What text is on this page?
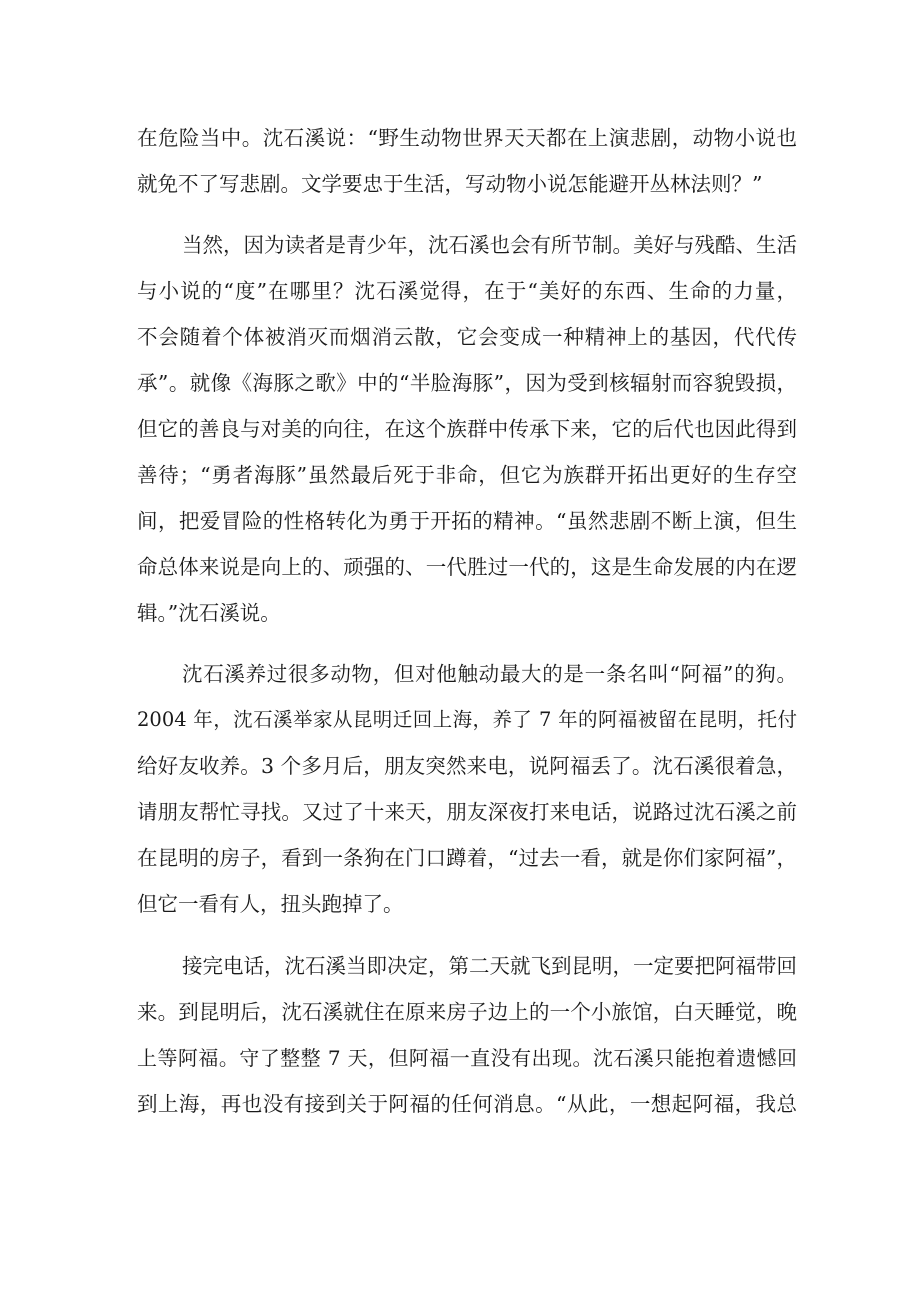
在危险当中。沈石溪说：“野生动物世界天天都在上演悲剧，动物小说也
就免不了写悲剧。文学要忠于生活，写动物小说怎能避开丛林法则？”
当然，因为读者是青少年，沈石溪也会有所节制。美好与残酷、生活
与小说的“度”在哪里？沈石溪觉得，在于“美好的东西、生命的力量，
不会随着个体被消灭而烟消云散，它会变成一种精神上的基因，代代传
承”。就像《海豚之歌》中的“半脸海豚”，因为受到核辐射而容貌毁损，
但它的善良与对美的向往，在这个族群中传承下来，它的后代也因此得到
善待；“勇者海豚”虽然最后死于非命，但它为族群开拓出更好的生存空
间，把爱冒险的性格转化为勇于开拓的精神。“虽然悲剧不断上演，但生
命总体来说是向上的、顽强的、一代胜过一代的，这是生命发展的内在逻
辑。”沈石溪说。
沈石溪养过很多动物，但对他触动最大的是一条名叫“阿福”的狗。
2004 年，沈石溪举家从昆明迁回上海，养了 7 年的阿福被留在昆明，托付
给好友收养。3 个多月后，朋友突然来电，说阿福丢了。沈石溪很着急，
请朋友帮忙寻找。又过了十来天，朋友深夜打来电话，说路过沈石溪之前
在昆明的房子，看到一条狗在门口蹲着，“过去一看，就是你们家阿福”，
但它一看有人，扭头跑掉了。
接完电话，沈石溪当即决定，第二天就飞到昆明，一定要把阿福带回
来。到昆明后，沈石溪就住在原来房子边上的一个小旅馆，白天睡觉，晚
上等阿福。守了整整 7 天，但阿福一直没有出现。沈石溪只能抱着遗憾回
到上海，再也没有接到关于阿福的任何消息。“从此，一想起阿福，我总
